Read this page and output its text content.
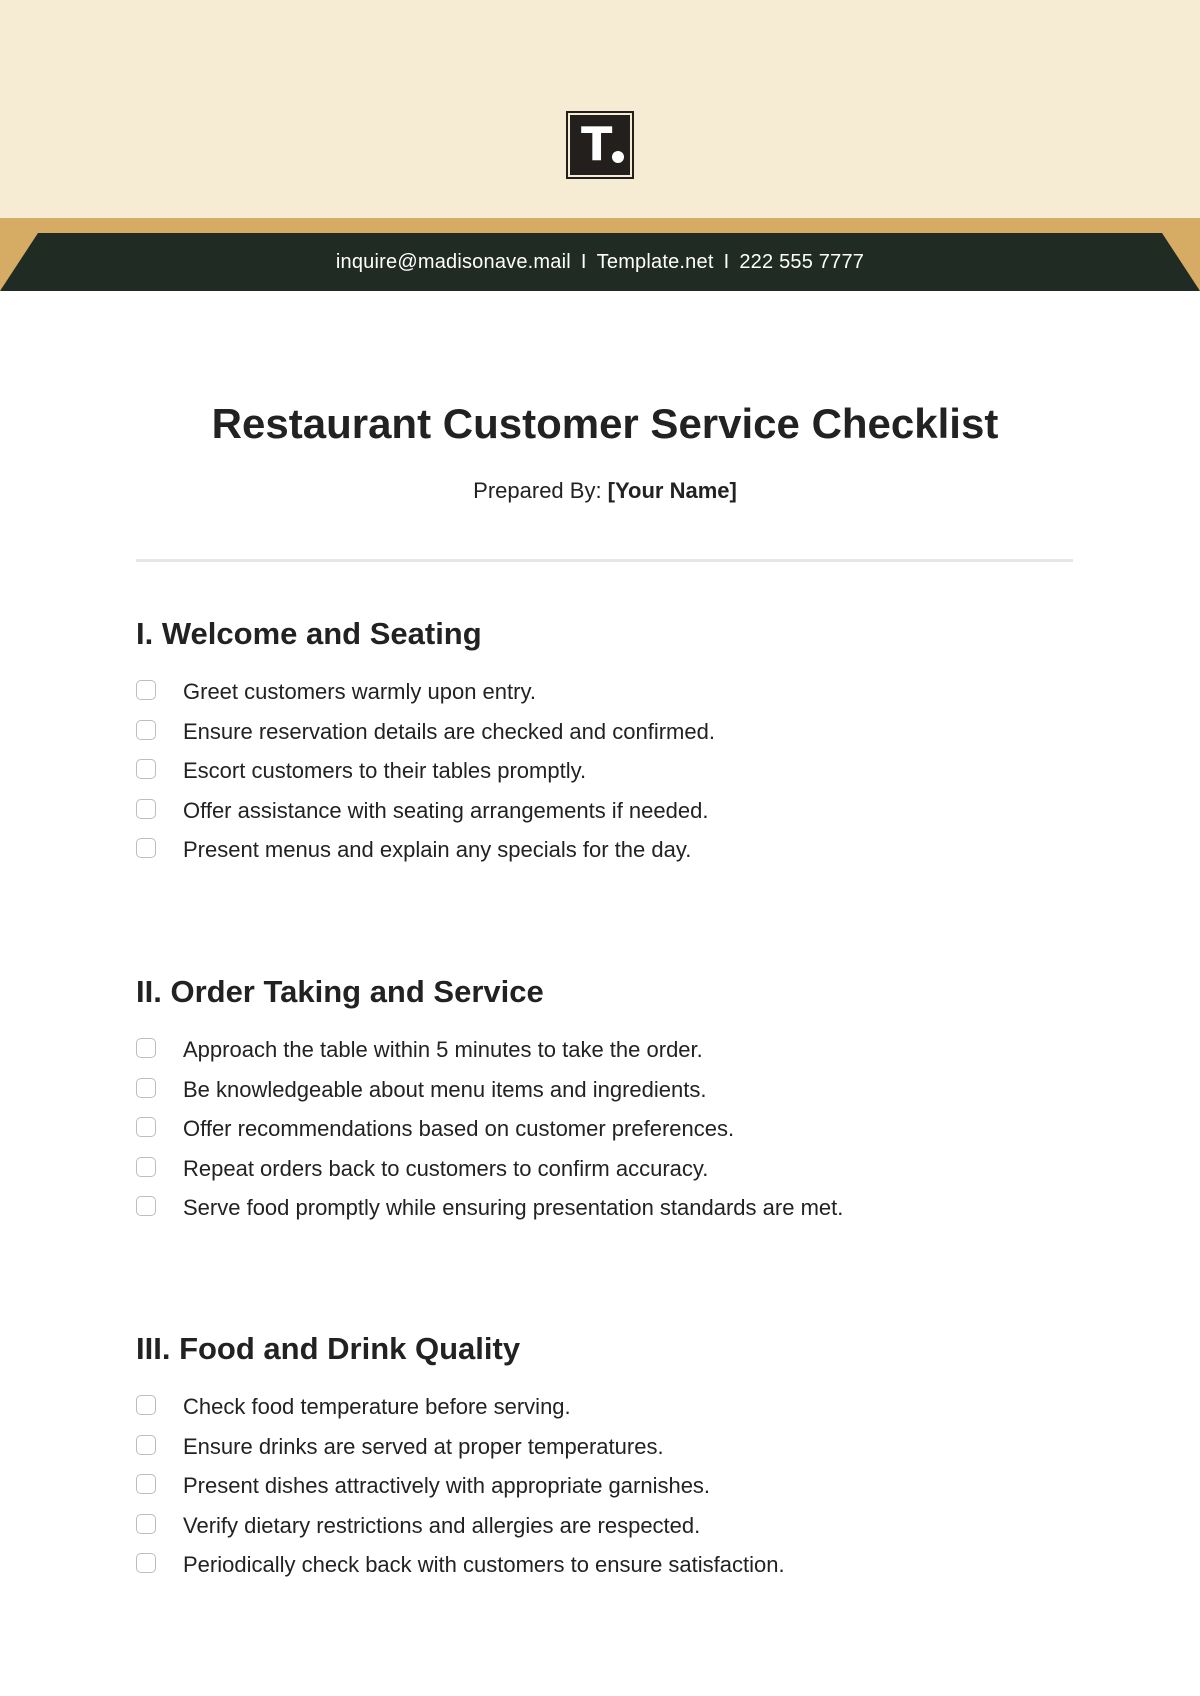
T
inquire@madisonave.mail I Template.net I 222 555 7777
Restaurant Customer Service Checklist
Prepared By: [Your Name]
I. Welcome and Seating
Greet customers warmly upon entry.
Ensure reservation details are checked and confirmed.
Escort customers to their tables promptly.
Offer assistance with seating arrangements if needed.
Present menus and explain any specials for the day.
II. Order Taking and Service
Approach the table within 5 minutes to take the order.
Be knowledgeable about menu items and ingredients.
Offer recommendations based on customer preferences.
Repeat orders back to customers to confirm accuracy.
Serve food promptly while ensuring presentation standards are met.
III. Food and Drink Quality
Check food temperature before serving.
Ensure drinks are served at proper temperatures.
Present dishes attractively with appropriate garnishes.
Verify dietary restrictions and allergies are respected.
Periodically check back with customers to ensure satisfaction.
